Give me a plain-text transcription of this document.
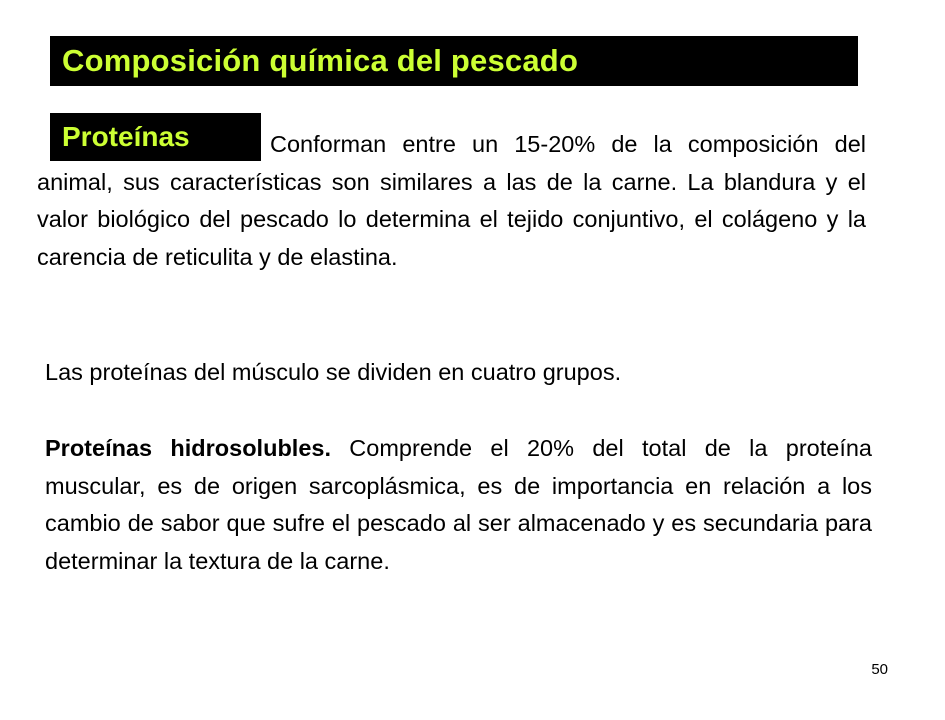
Composición química del pescado

Conforman entre un 15-20% de la composición del animal, sus características son similares a las de la carne. La blandura y el valor biológico del pescado lo determina el tejido conjuntivo, el colágeno y la carencia de reticulita y de elastina.

Proteínas

Las proteínas del músculo se dividen en cuatro grupos.

Proteínas hidrosolubles. Comprende el 20% del total de la proteína muscular, es de origen sarcoplásmica, es de importancia en relación a los cambio de sabor que sufre el pescado al ser almacenado y es secundaria para determinar la textura de la carne.

50
